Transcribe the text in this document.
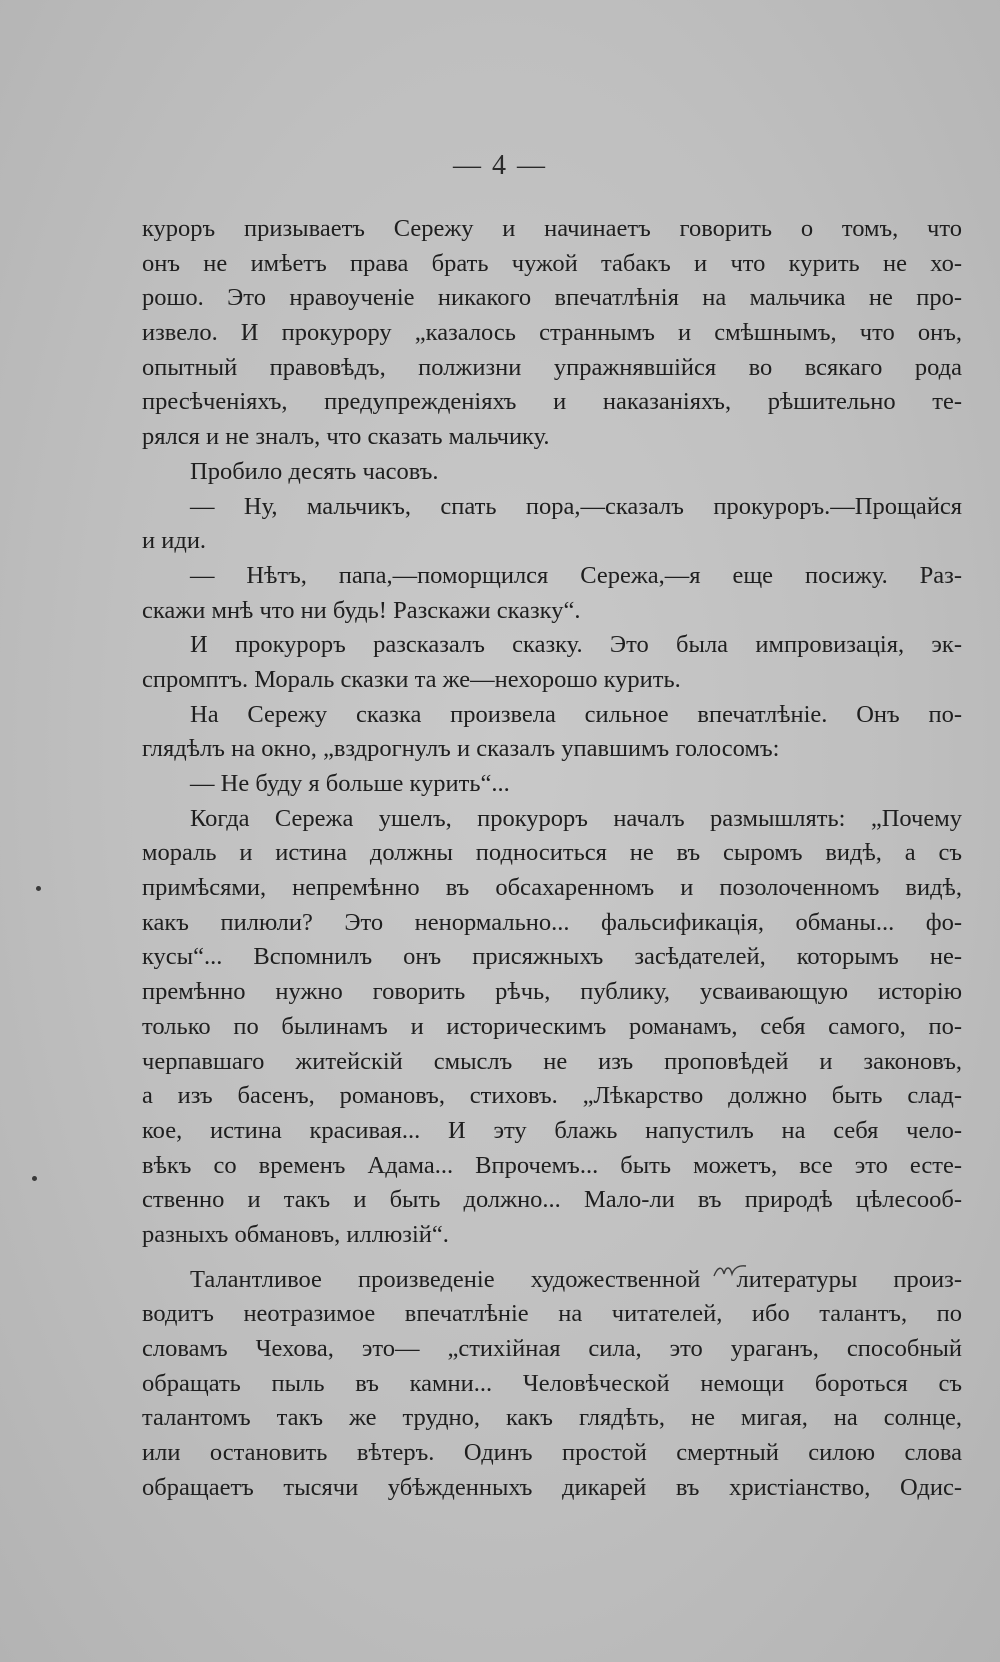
— 4 —
куроръ призываетъ Сережу и начинаетъ говорить о томъ, что
онъ не имѣетъ права брать чужой табакъ и что курить не хо-
рошо. Это нравоученіе никакого впечатлѣнія на мальчика не про-
извело. И прокурору „казалось страннымъ и смѣшнымъ, что онъ,
опытный правовѣдъ, полжизни упражнявшійся во всякаго рода
пресѣченіяхъ, предупрежденіяхъ и наказаніяхъ, рѣшительно те-
рялся и не зналъ, что сказать мальчику.
Пробило десять часовъ.
— Ну, мальчикъ, спать пора,—сказалъ прокуроръ.—Прощайся
и иди.
— Нѣтъ, папа,—поморщился Сережа,—я еще посижу. Раз-
скажи мнѣ что ни будь! Разскажи сказку“.
И прокуроръ разсказалъ сказку. Это была импровизація, эк-
спромптъ. Мораль сказки та же—нехорошо курить.
На Сережу сказка произвела сильное впечатлѣніе. Онъ по-
глядѣлъ на окно, „вздрогнулъ и сказалъ упавшимъ голосомъ:
— Не буду я больше курить“...
Когда Сережа ушелъ, прокуроръ началъ размышлять: „Почему
мораль и истина должны подноситься не въ сыромъ видѣ, а съ
примѣсями, непремѣнно въ обсахаренномъ и позолоченномъ видѣ,
какъ пилюли? Это ненормально... фальсификація, обманы... фо-
кусы“... Вспомнилъ онъ присяжныхъ засѣдателей, которымъ не-
премѣнно нужно говорить рѣчь, публику, усваивающую исторію
только по былинамъ и историческимъ романамъ, себя самого, по-
черпавшаго житейскій смыслъ не изъ проповѣдей и законовъ,
а изъ басенъ, романовъ, стиховъ. „Лѣкарство должно быть слад-
кое, истина красивая... И эту блажь напустилъ на себя чело-
вѣкъ со временъ Адама... Впрочемъ... быть можетъ, все это есте-
ственно и такъ и быть должно... Мало-ли въ природѣ цѣлесооб-
разныхъ обмановъ, иллюзій“.
Талантливое произведеніе художественной литературы произ-
водитъ неотразимое впечатлѣніе на читателей, ибо талантъ, по
словамъ Чехова, это— „стихійная сила, это ураганъ, способный
обращать пыль въ камни... Человѣческой немощи бороться съ
талантомъ такъ же трудно, какъ глядѣть, не мигая, на солнце,
или остановить вѣтеръ. Одинъ простой смертный силою слова
обращаетъ тысячи убѣжденныхъ дикарей въ христіанство, Одис-
